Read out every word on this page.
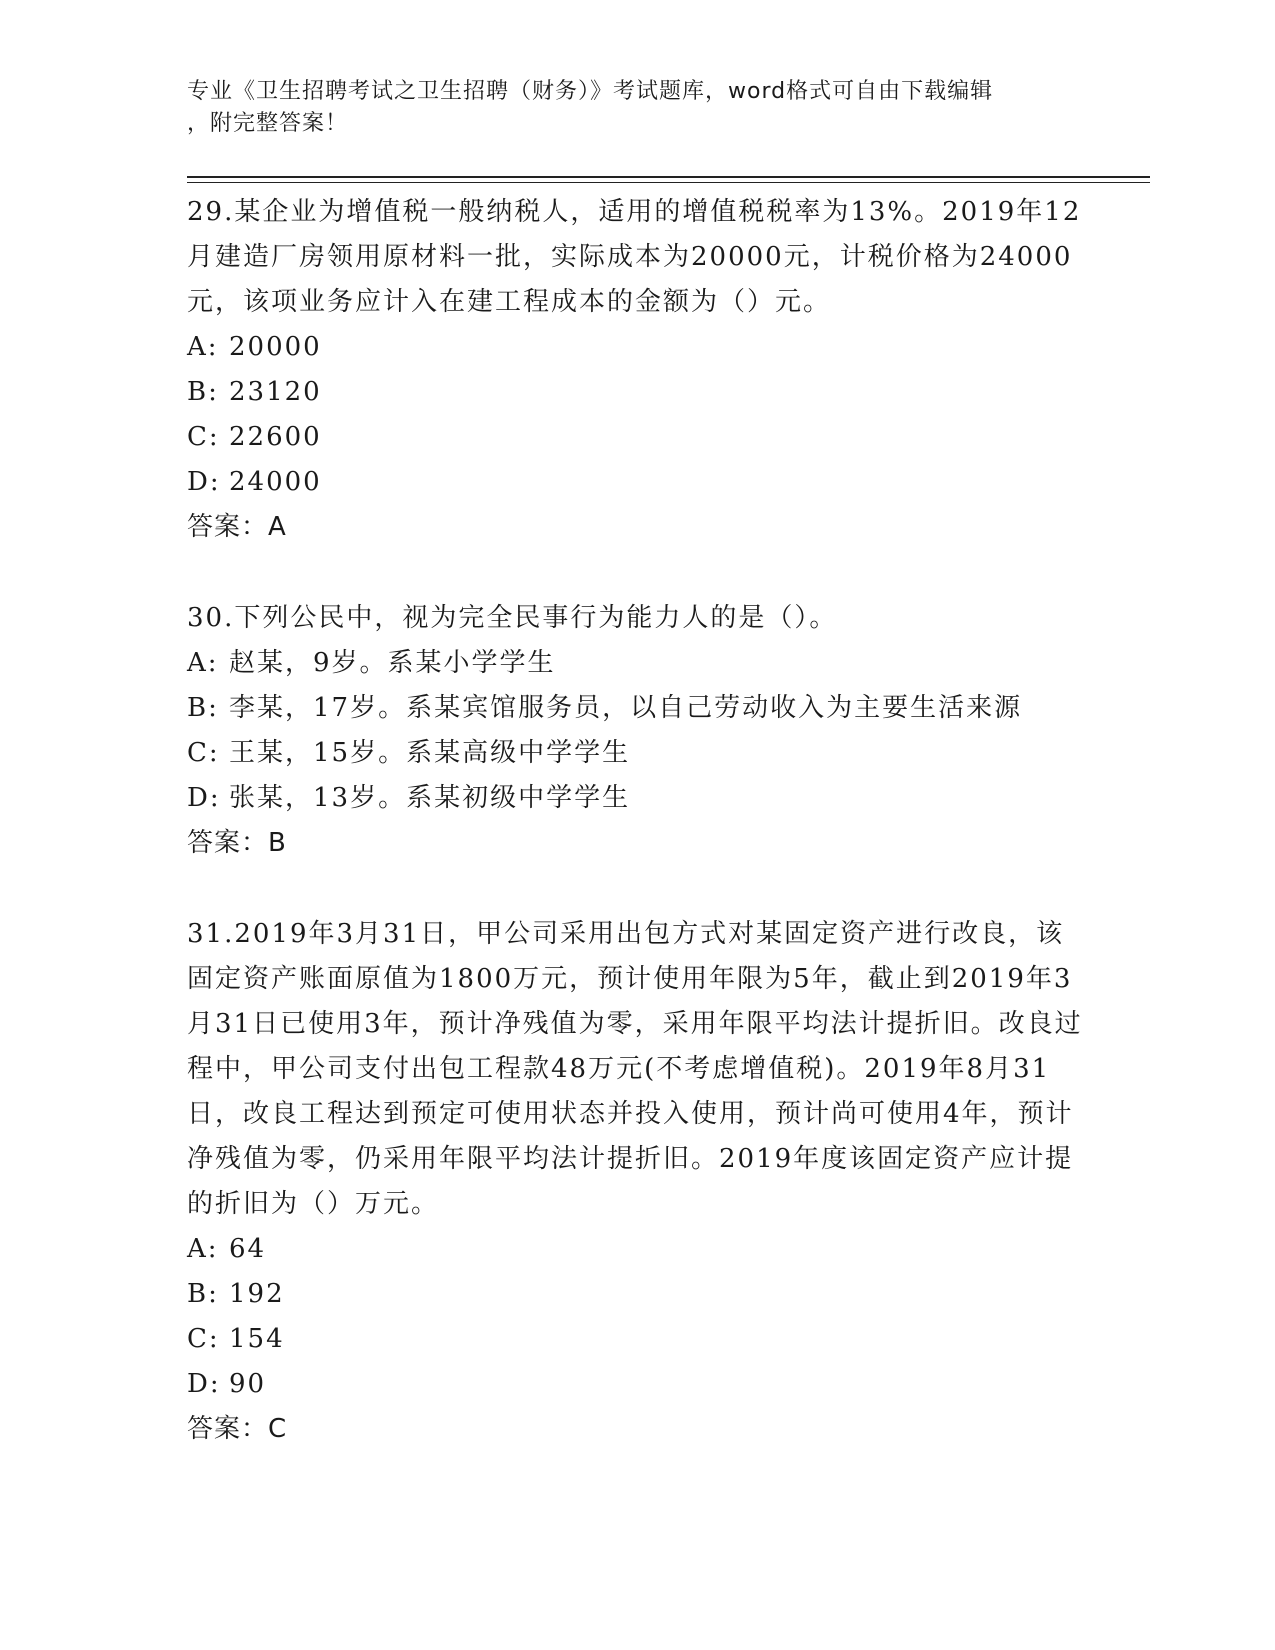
专业《卫生招聘考试之卫生招聘（财务）》考试题库，word格式可自由下载编辑
，附完整答案！

29.某企业为增值税一般纳税人，适用的增值税税率为13%。2019年12月建造厂房领用原材料一批，实际成本为20000元，计税价格为24000元，该项业务应计入在建工程成本的金额为（）元。

A: 20000

B: 23120

C: 22600

D: 24000

答案：A

30.下列公民中，视为完全民事行为能力人的是（）。

A: 赵某，9岁。系某小学学生

B: 李某，17岁。系某宾馆服务员，以自己劳动收入为主要生活来源

C: 王某，15岁。系某高级中学学生

D: 张某，13岁。系某初级中学学生

答案：B

31.2019年3月31日，甲公司采用出包方式对某固定资产进行改良，该固定资产账面原值为1800万元，预计使用年限为5年，截止到2019年3月31日已使用3年，预计净残值为零，采用年限平均法计提折旧。改良过程中，甲公司支付出包工程款48万元(不考虑增值税)。2019年8月31日，改良工程达到预定可使用状态并投入使用，预计尚可使用4年，预计净残值为零，仍采用年限平均法计提折旧。2019年度该固定资产应计提的折旧为（）万元。

A: 64

B: 192

C: 154

D: 90

答案：C
